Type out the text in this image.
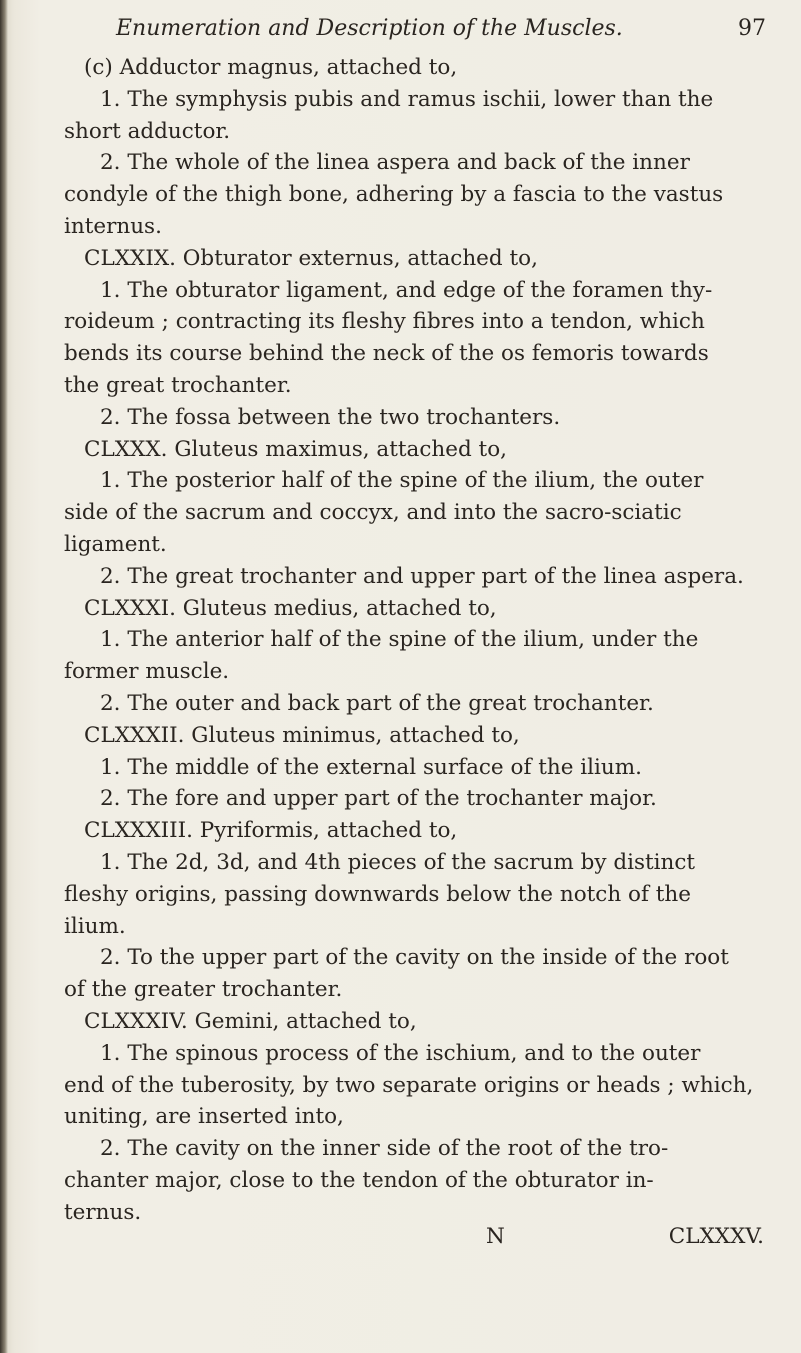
Enumeration and Description of the Muscles.	97
(c) Adductor magnus, attached to,
1. The symphysis pubis and ramus ischii, lower than the
short adductor.
2. The whole of the linea aspera and back of the inner
condyle of the thigh bone, adhering by a fascia to the vastus
internus.
CLXXIX. Obturator externus, attached to,
1. The obturator ligament, and edge of the foramen thy-
roideum ; contracting its fleshy fibres into a tendon, which
bends its course behind the neck of the os femoris towards
the great trochanter.
2. The fossa between the two trochanters.
CLXXX. Gluteus maximus, attached to,
1. The posterior half of the spine of the ilium, the outer
side of the sacrum and coccyx, and into the sacro-sciatic
ligament.
2. The great trochanter and upper part of the linea aspera.
CLXXXI. Gluteus medius, attached to,
1. The anterior half of the spine of the ilium, under the
former muscle.
2. The outer and back part of the great trochanter.
CLXXXII. Gluteus minimus, attached to,
1. The middle of the external surface of the ilium.
2. The fore and upper part of the trochanter major.
CLXXXIII. Pyriformis, attached to,
1. The 2d, 3d, and 4th pieces of the sacrum by distinct
fleshy origins, passing downwards below the notch of the
ilium.
2. To the upper part of the cavity on the inside of the root
of the greater trochanter.
CLXXXIV. Gemini, attached to,
1. The spinous process of the ischium, and to the outer
end of the tuberosity, by two separate origins or heads ; which,
uniting, are inserted into,
2. The cavity on the inner side of the root of the tro-
chanter major, close to the tendon of the obturator in-
ternus.
N	CLXXXV.
